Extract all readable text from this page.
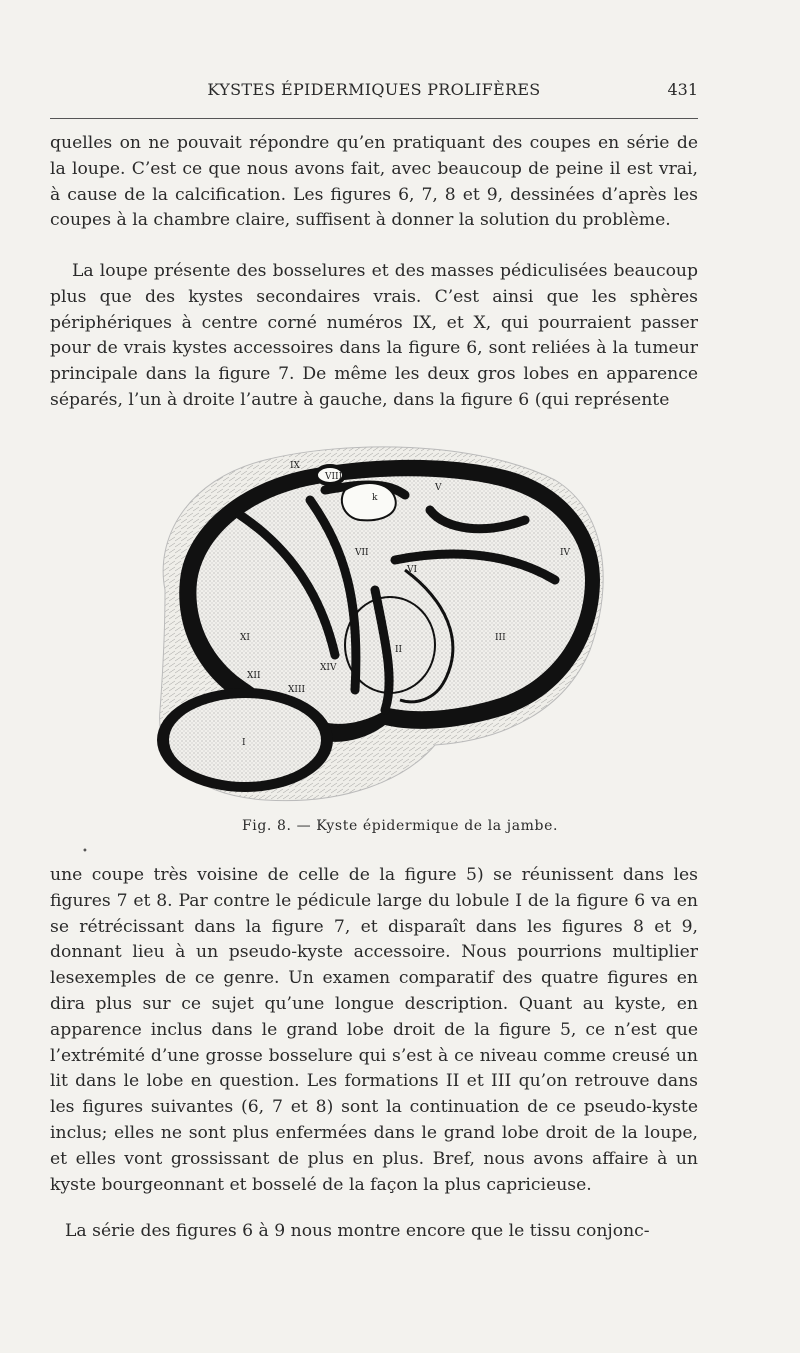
KYSTES ÉPIDERMIQUES PROLIFÈRES	431

quelles on ne pouvait répondre qu’en pratiquant des coupes en série de la loupe. C’est ce que nous avons fait, avec beaucoup de peine il est vrai, à cause de la calcification. Les figures 6, 7, 8 et 9, dessinées d’après les coupes à la chambre claire, suffisent à donner la solution du problème.

La loupe présente des bosselures et des masses pédiculisées beaucoup plus que des kystes secondaires vrais. C’est ainsi que les sphères périphériques à centre corné numéros IX, et X, qui pourraient passer pour de vrais kystes accessoires dans la figure 6, sont reliées à la tumeur principale dans la figure 7. De même les deux gros lobes en apparence séparés, l’un à droite l’autre à gauche, dans la figure 6 (qui représente

IX
VIII
k
V
VII
VI
IV
III
II
XI
XII
XIII
XIV
I
Fig. 8. — Kyste épidermique de la jambe.
•

une coupe très voisine de celle de la figure 5) se réunissent dans les figures 7 et 8. Par contre le pédicule large du lobule I de la figure 6 va en se rétrécissant dans la figure 7, et disparaît dans les figures 8 et 9, donnant lieu à un pseudo-kyste accessoire. Nous pourrions multiplier lesexemples de ce genre. Un examen comparatif des quatre figures en dira plus sur ce sujet qu’une longue description. Quant au kyste, en apparence inclus dans le grand lobe droit de la figure 5, ce n’est que l’extrémité d’une grosse bosselure qui s’est à ce niveau comme creusé un lit dans le lobe en question. Les formations II et III qu’on retrouve dans les figures suivantes (6, 7 et 8) sont la continuation de ce pseudo-kyste inclus; elles ne sont plus enfermées dans le grand lobe droit de la loupe, et elles vont grossissant de plus en plus. Bref, nous avons affaire à un kyste bourgeonnant et bosselé de la façon la plus capricieuse.

La série des figures 6 à 9 nous montre encore que le tissu conjonc-
